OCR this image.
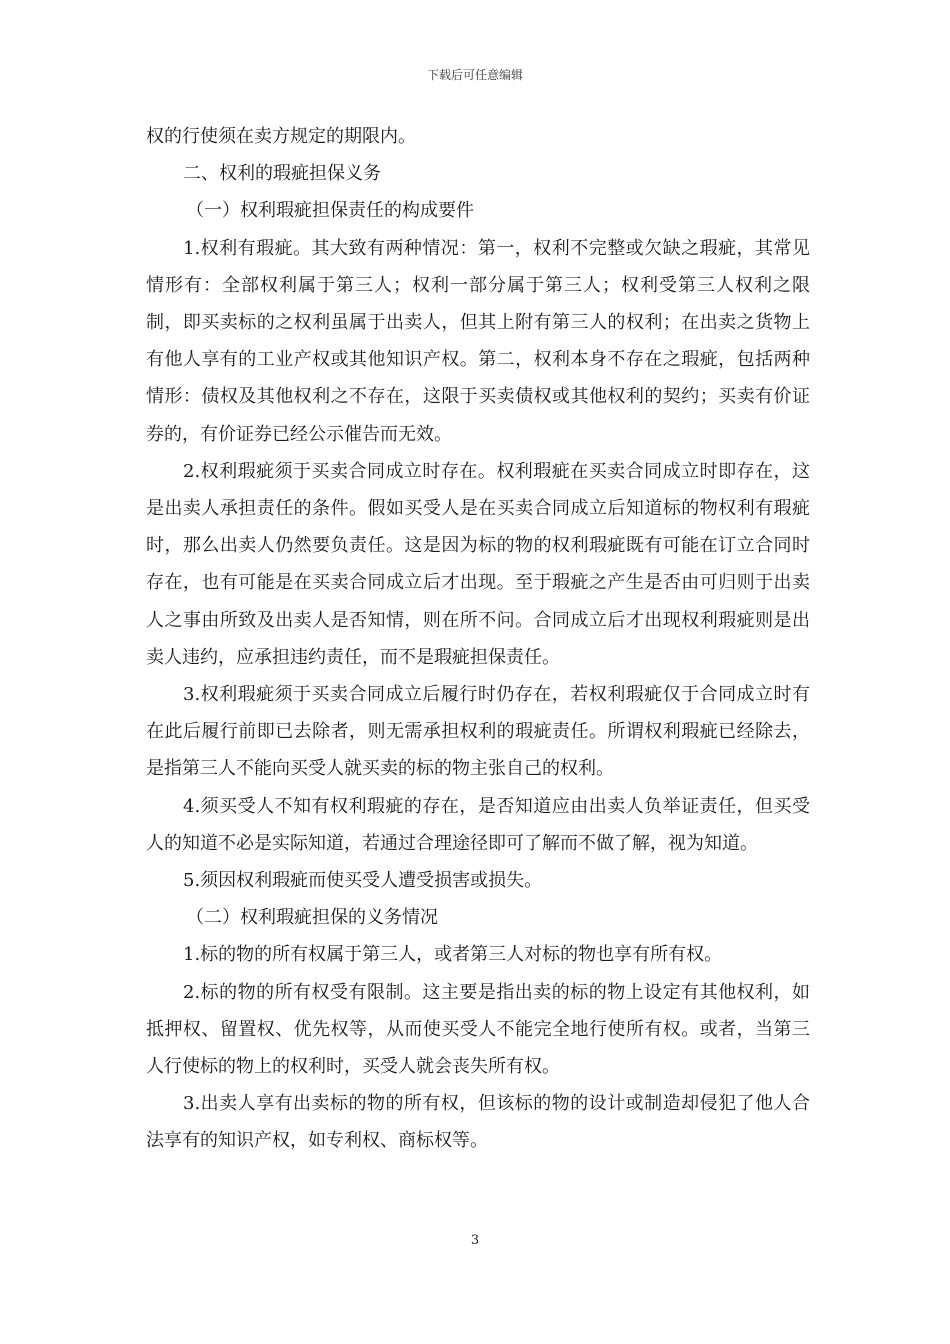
下载后可任意编辑

权的行使须在卖方规定的期限内。

二、权利的瑕疵担保义务

（一）权利瑕疵担保责任的构成要件

1.权利有瑕疵。其大致有两种情况：第一，权利不完整或欠缺之瑕疵，其常见情形有：全部权利属于第三人；权利一部分属于第三人；权利受第三人权利之限制，即买卖标的之权利虽属于出卖人，但其上附有第三人的权利；在出卖之货物上有他人享有的工业产权或其他知识产权。第二，权利本身不存在之瑕疵，包括两种情形：债权及其他权利之不存在，这限于买卖债权或其他权利的契约；买卖有价证券的，有价证券已经公示催告而无效。

2.权利瑕疵须于买卖合同成立时存在。权利瑕疵在买卖合同成立时即存在，这是出卖人承担责任的条件。假如买受人是在买卖合同成立后知道标的物权利有瑕疵时，那么出卖人仍然要负责任。这是因为标的物的权利瑕疵既有可能在订立合同时存在，也有可能是在买卖合同成立后才出现。至于瑕疵之产生是否由可归则于出卖人之事由所致及出卖人是否知情，则在所不问。合同成立后才出现权利瑕疵则是出卖人违约，应承担违约责任，而不是瑕疵担保责任。

3.权利瑕疵须于买卖合同成立后履行时仍存在，若权利瑕疵仅于合同成立时有在此后履行前即已去除者，则无需承担权利的瑕疵责任。所谓权利瑕疵已经除去，是指第三人不能向买受人就买卖的标的物主张自己的权利。

4.须买受人不知有权利瑕疵的存在，是否知道应由出卖人负举证责任，但买受人的知道不必是实际知道，若通过合理途径即可了解而不做了解，视为知道。

5.须因权利瑕疵而使买受人遭受损害或损失。

（二）权利瑕疵担保的义务情况

1.标的物的所有权属于第三人，或者第三人对标的物也享有所有权。

2.标的物的所有权受有限制。这主要是指出卖的标的物上设定有其他权利，如抵押权、留置权、优先权等，从而使买受人不能完全地行使所有权。或者，当第三人行使标的物上的权利时，买受人就会丧失所有权。

3.出卖人享有出卖标的物的所有权，但该标的物的设计或制造却侵犯了他人合法享有的知识产权，如专利权、商标权等。

3
